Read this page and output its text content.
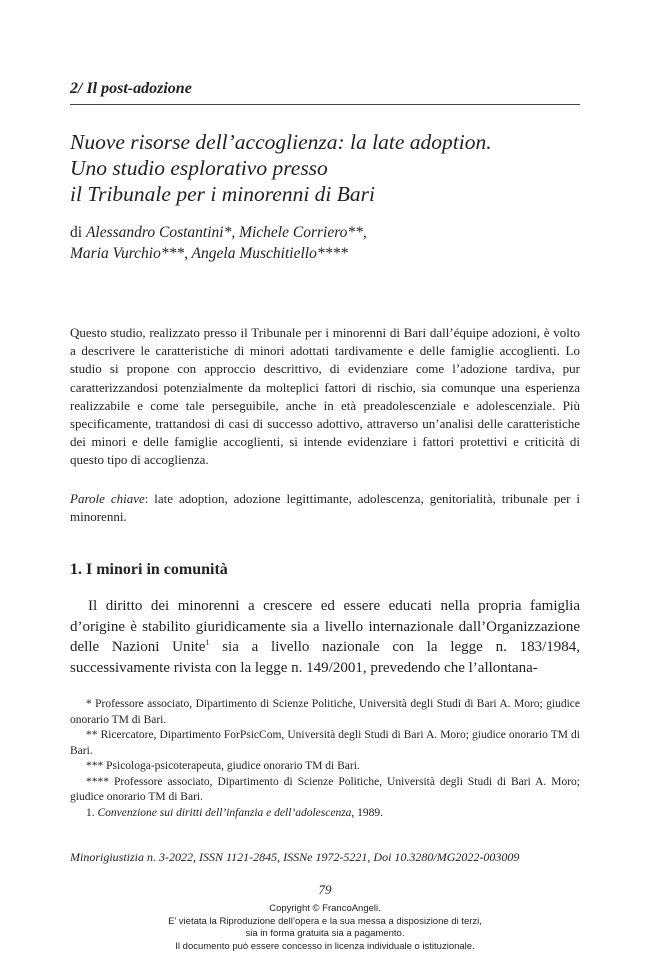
2/ Il post-adozione
Nuove risorse dell’accoglienza: la late adoption.
Uno studio esplorativo presso
il Tribunale per i minorenni di Bari
di Alessandro Costantini*, Michele Corriero**,
Maria Vurchio***, Angela Muschitiello****
Questo studio, realizzato presso il Tribunale per i minorenni di Bari dall’équipe adozioni, è volto a descrivere le caratteristiche di minori adottati tardivamente e delle famiglie accoglienti. Lo studio si propone con approccio descrittivo, di evidenziare come l’adozione tardiva, pur caratterizzandosi potenzialmente da molteplici fattori di rischio, sia comunque una esperienza realizzabile e come tale perseguibile, anche in età preadolescenziale e adolescenziale. Più specificamente, trattandosi di casi di successo adottivo, attraverso un’analisi delle caratteristiche dei minori e delle famiglie accoglienti, si intende evidenziare i fattori protettivi e criticità di questo tipo di accoglienza.
Parole chiave: late adoption, adozione legittimante, adolescenza, genitorialità, tribunale per i minorenni.
1. I minori in comunità
Il diritto dei minorenni a crescere ed essere educati nella propria famiglia d’origine è stabilito giuridicamente sia a livello internazionale dall’Organizzazione delle Nazioni Unite$^1$ sia a livello nazionale con la legge n. 183/1984, successivamente rivista con la legge n. 149/2001, prevedendo che l’allontana-

* Professore associato, Dipartimento di Scienze Politiche, Università degli Studi di Bari A. Moro; giudice onorario TM di Bari.

** Ricercatore, Dipartimento ForPsicCom, Università degli Studi di Bari A. Moro; giudice onorario TM di Bari.

*** Psicologa-psicoterapeuta, giudice onorario TM di Bari.

**** Professore associato, Dipartimento di Scienze Politiche, Università degli Studi di Bari A. Moro; giudice onorario TM di Bari.

1. Convenzione sui diritti dell’infanzia e dell’adolescenza, 1989.

Minorigiustizia n. 3-2022, ISSN 1121-2845, ISSNe 1972-5221, Doi 10.3280/MG2022-003009
79
Copyright © FrancoAngeli.
E’ vietata la Riproduzione dell’opera e la sua messa a disposizione di terzi,
sia in forma gratuita sia a pagamento.
Il documento può essere concesso in licenza individuale o istituzionale.
